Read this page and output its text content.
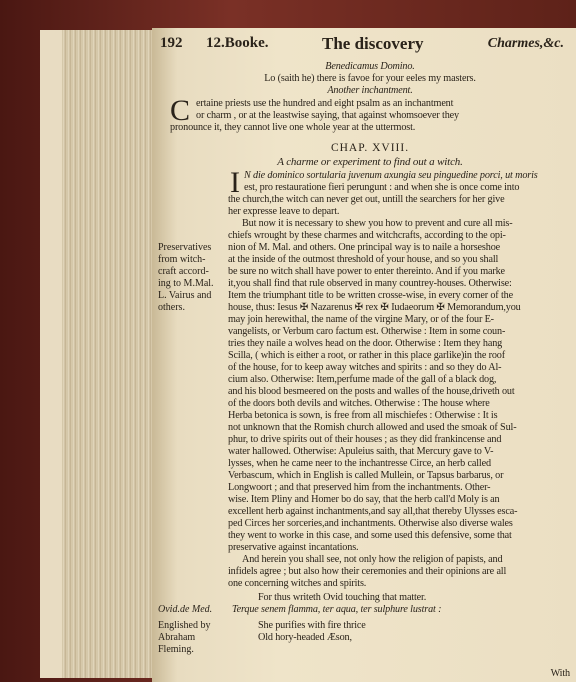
192 12.Booke.	The discovery	Charmes,&c.
Benedicamus Domino.
Lo (saith he) there is favoe for your eeles my masters.
Another inchantment.
C ertaine priests use the hundred and eight psalm as an inchantment
or charm , or at the leastwise saying, that against whomsoever they
pronounce it, they cannot live one whole year at the uttermost.
CHAP. XVIII.
A charme or experiment to find out a witch.
I N die dominico sortularia juvenum axungia seu pinguedine porci, ut moris
est, pro restauratione fieri perungunt : and when she is once come into
the church,the witch can never get out, untill the searchers for her give
her expresse leave to depart.
Preservatives
from witch-
craft accord-
ing to M.Mal.
L. Vairus and
others.
But now it is necessary to shew you how to prevent and cure all mis-
chiefs wrought by these charmes and witchcrafts, according to the opi-
nion of M. Mal. and others. One principal way is to naile a horseshoe
at the inside of the outmost threshold of your house, and so you shall
be sure no witch shall have power to enter thereinto. And if you marke
it,you shall find that rule observed in many countrey-houses. Otherwise:
Item the triumphant title to be written crosse-wise, in every corner of the
house, thus: Iesus ✠ Nazarenus ✠ rex ✠ Iudaeorum ✠ Memorandum,you
may join herewithal, the name of the virgine Mary, or of the four E-
vangelists, or Verbum caro factum est. Otherwise : Item in some coun-
tries they naile a wolves head on the door. Otherwise : Item they hang
Scilla, ( which is either a root, or rather in this place garlike)in the roof
of the house, for to keep away witches and spirits : and so they do Al-
cium also. Otherwise: Item,perfume made of the gall of a black dog,
and his blood besmeered on the posts and walles of the house,driveth out
of the doors both devils and witches. Otherwise : The house where
Herba betonica is sown, is free from all mischiefes : Otherwise : It is
not unknown that the Romish church allowed and used the smoak of Sul-
phur, to drive spirits out of their houses ; as they did frankincense and
water hallowed. Otherwise: Apuleius saith, that Mercury gave to V-
lysses, when he came neer to the inchantresse Circe, an herb called
Verbascum, which in English is called Mullein, or Tapsus barbarus, or
Longwoort ; and that preserved him from the inchantments. Other-
wise. Item Pliny and Homer bo do say, that the herb call'd Moly is an
excellent herb against inchantments,and say all,that thereby Ulysses esca-
ped Circes her sorceries,and inchantments. Otherwise also diverse wales
they went to worke in this case, and some used this defensive, some that
preservative against incantations.
And herein you shall see, not only how the religion of papists, and
infidels agree ; but also how their ceremonies and their opinions are all
one concerning witches and spirits.
For thus writeth Ovid touching that matter.
Ovid.de Med.	Terque senem flamma, ter aqua, ter sulphure lustrat :
Englished by
Abraham
Fleming.
She purifies with fire thrice
Old hory-headed Æson,
With
